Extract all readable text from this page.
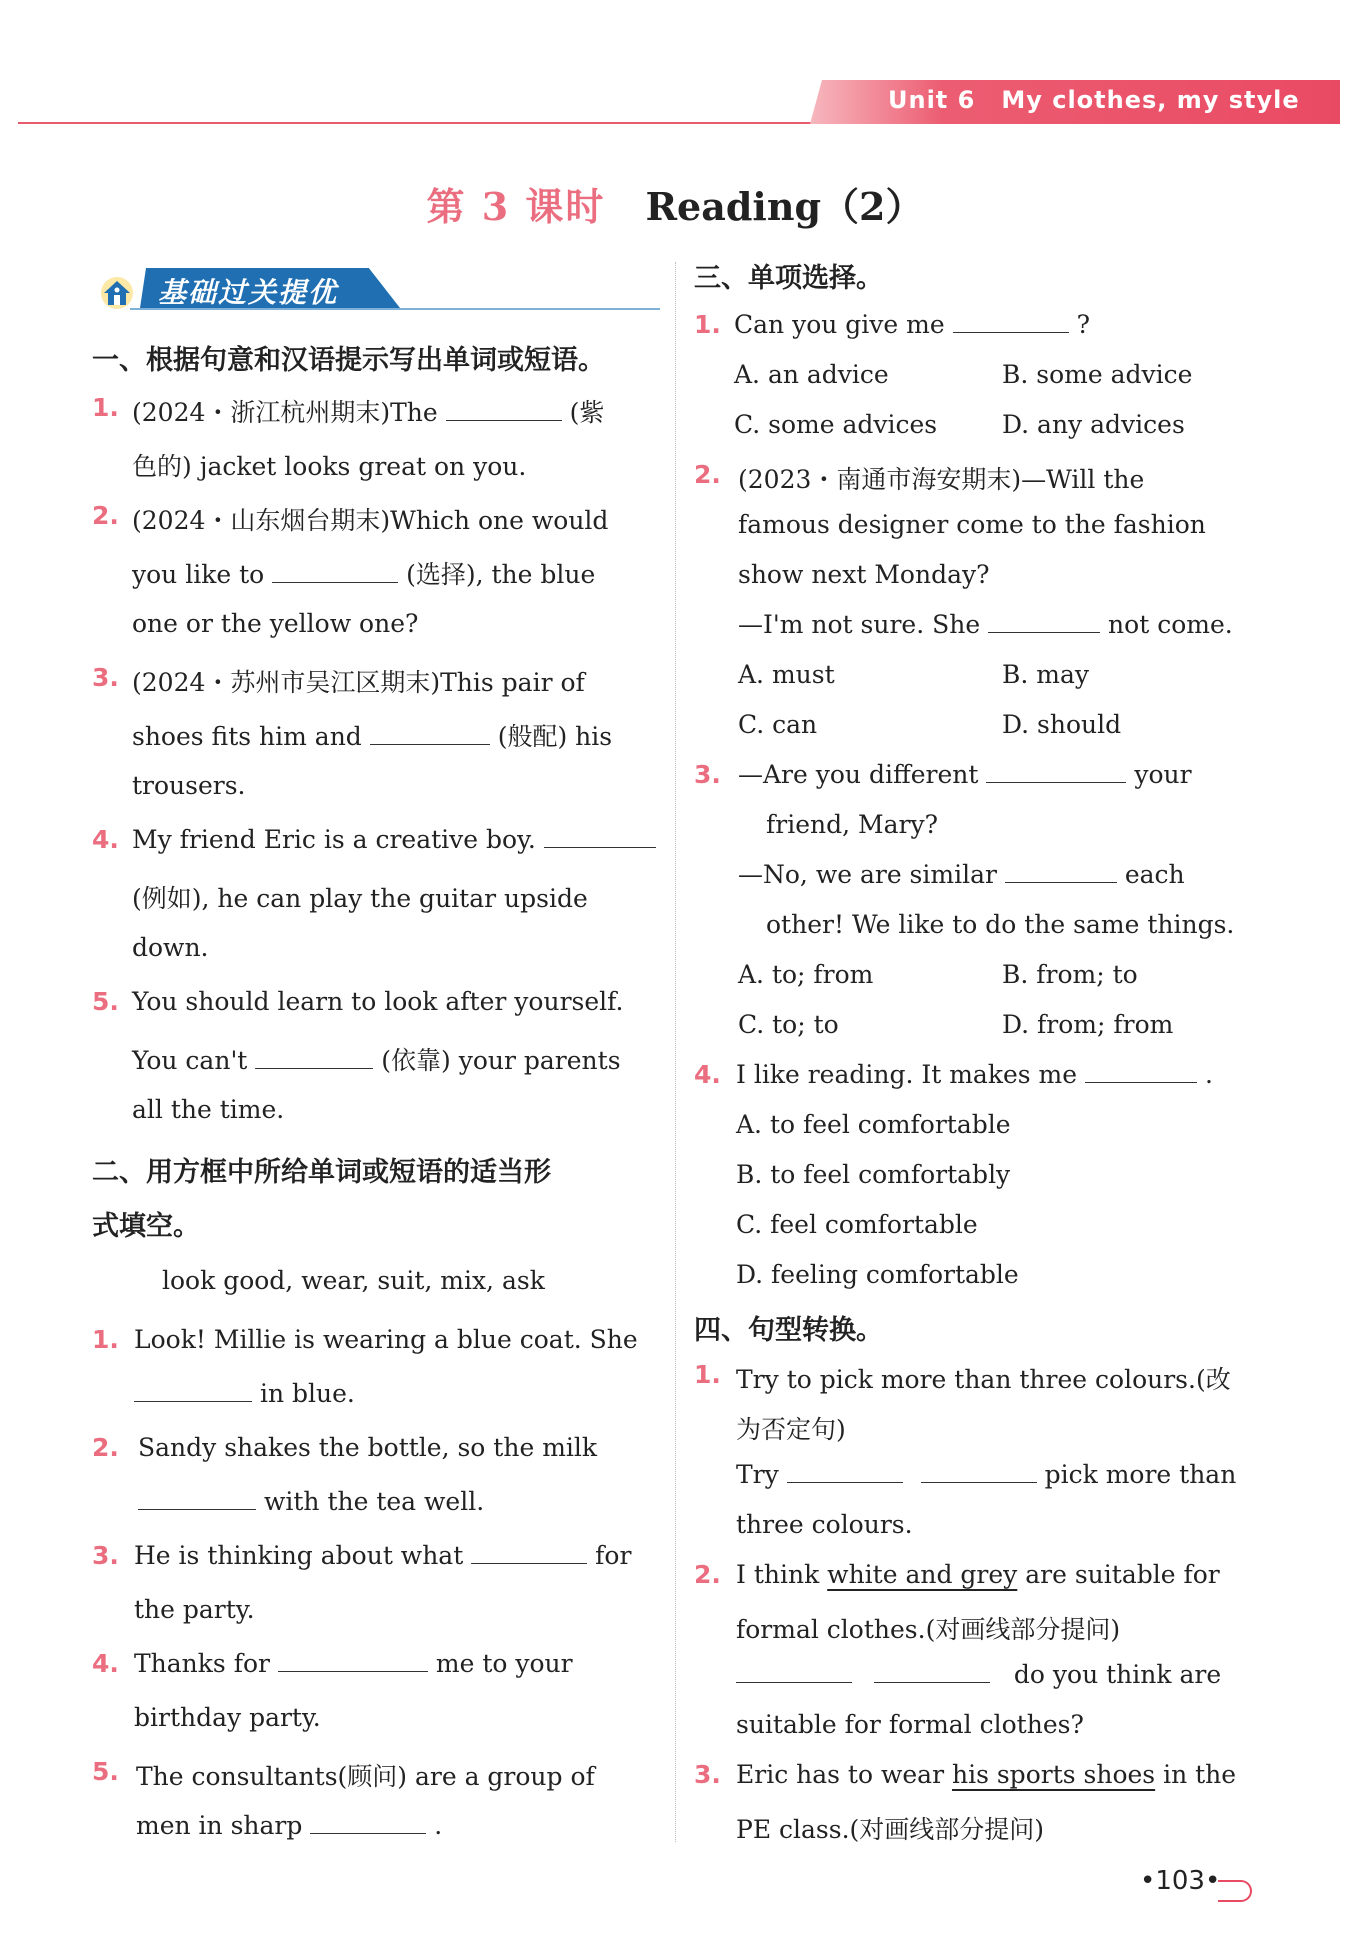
Unit 6 My clothes, my style
第 3 课时 Reading（2）
基础过关提优
一、根据句意和汉语提示写出单词或短语。
1. (2024・浙江杭州期末)The	(紫
色的) jacket looks great on you.
2. (2024・山东烟台期末)Which one would
you like to	(选择), the blue
one or the yellow one?
3. (2024・苏州市吴江区期末)This pair of
shoes fits him and	(般配) his
trousers.
4. My friend Eric is a creative boy.
(例如), he can play the guitar upside
down.
5. You should learn to look after yourself.
You can't	(依靠) your parents
all the time.
二、用方框中所给单词或短语的适当形
式填空。
look good, wear, suit, mix, ask
1. Look! Millie is wearing a blue coat. She
in blue.
2. Sandy shakes the bottle, so the milk
with the tea well.
3. He is thinking about what	for
the party.
4. Thanks for	me to your
birthday party.
5. The consultants(顾问) are a group of
men in sharp	.
三、单项选择。
1. Can you give me	?
A. an advice	B. some advice
C. some advices	D. any advices
2. (2023・南通市海安期末)—Will the
famous designer come to the fashion
show next Monday?
—I'm not sure. She	not come.
A. must	B. may
C. can	D. should
3. —Are you different	your
friend, Mary?
—No, we are similar	each
other! We like to do the same things.
A. to; from	B. from; to
C. to; to	D. from; from
4. I like reading. It makes me	.
A. to feel comfortable
B. to feel comfortably
C. feel comfortable
D. feeling comfortable
四、句型转换。
1. Try to pick more than three colours.(改
为否定句)
Try	pick more than
three colours.
2. I think white and grey are suitable for
formal clothes.(对画线部分提问)
do you think are
suitable for formal clothes?
3. Eric has to wear his sports shoes in the
PE class.(对画线部分提问)
•103•
